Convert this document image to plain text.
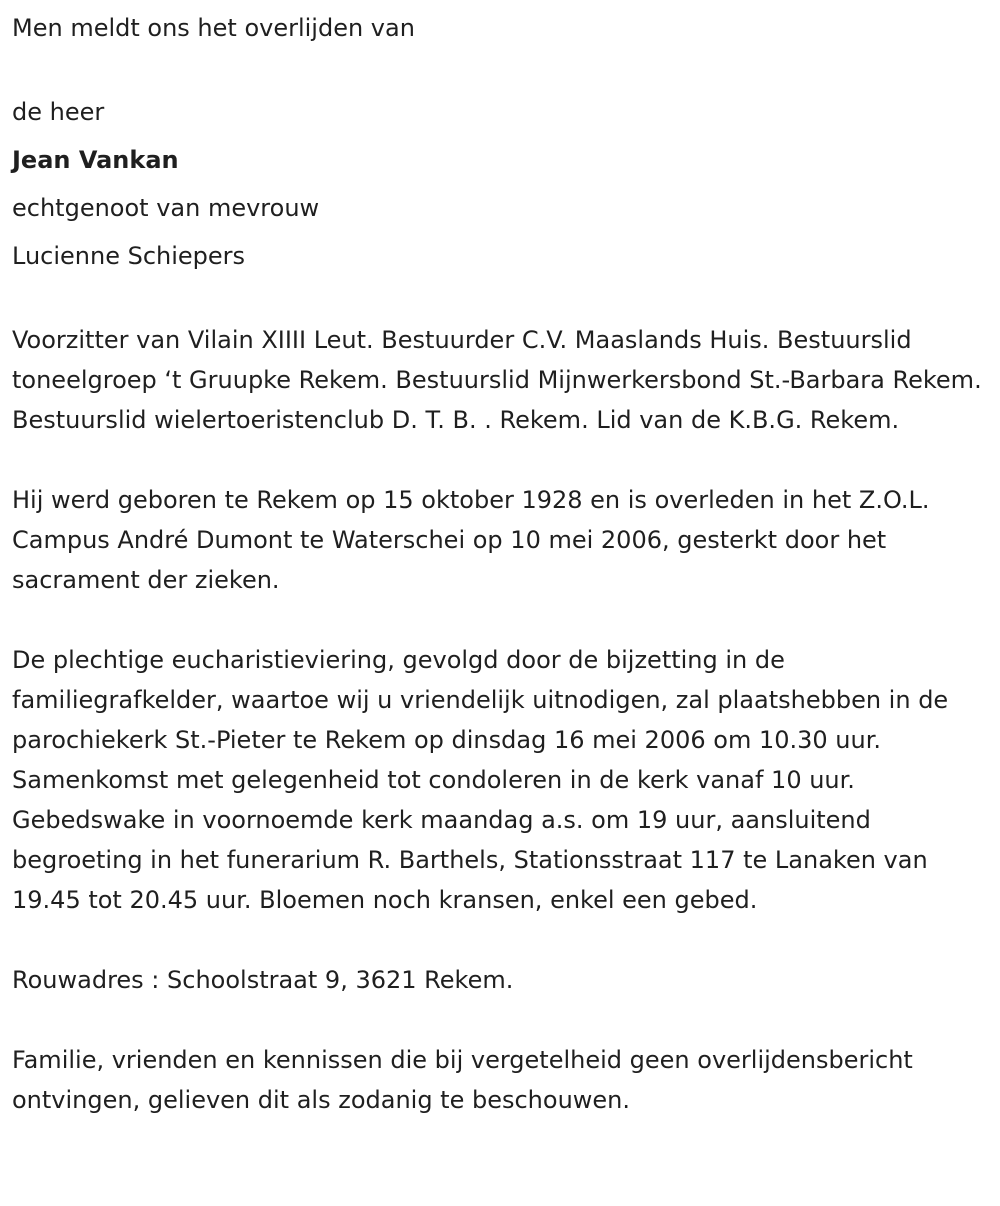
Men meldt ons het overlijden van

de heer

Jean Vankan

echtgenoot van mevrouw

Lucienne Schiepers

Voorzitter van Vilain XIIII Leut. Bestuurder C.V. Maaslands Huis. Bestuurslid toneelgroep ‘t Gruupke Rekem. Bestuurslid Mijnwerkersbond St.-Barbara Rekem. Bestuurslid wielertoeristenclub D. T. B. . Rekem. Lid van de K.B.G. Rekem.

Hij werd geboren te Rekem op 15 oktober 1928 en is overleden in het Z.O.L. Campus André Dumont te Waterschei op 10 mei 2006, gesterkt door het sacrament der zieken.

De plechtige eucharistieviering, gevolgd door de bijzetting in de familiegrafkelder, waartoe wij u vriendelijk uitnodigen, zal plaatshebben in de parochiekerk St.-Pieter te Rekem op dinsdag 16 mei 2006 om 10.30 uur. Samenkomst met gelegenheid tot condoleren in de kerk vanaf 10 uur. Gebedswake in voornoemde kerk maandag a.s. om 19 uur, aansluitend begroeting in het funerarium R. Barthels, Stationsstraat 117 te Lanaken van 19.45 tot 20.45 uur. Bloemen noch kransen, enkel een gebed.

Rouwadres : Schoolstraat 9, 3621 Rekem.

Familie, vrienden en kennissen die bij vergetelheid geen overlijdensbericht ontvingen, gelieven dit als zodanig te beschouwen.
